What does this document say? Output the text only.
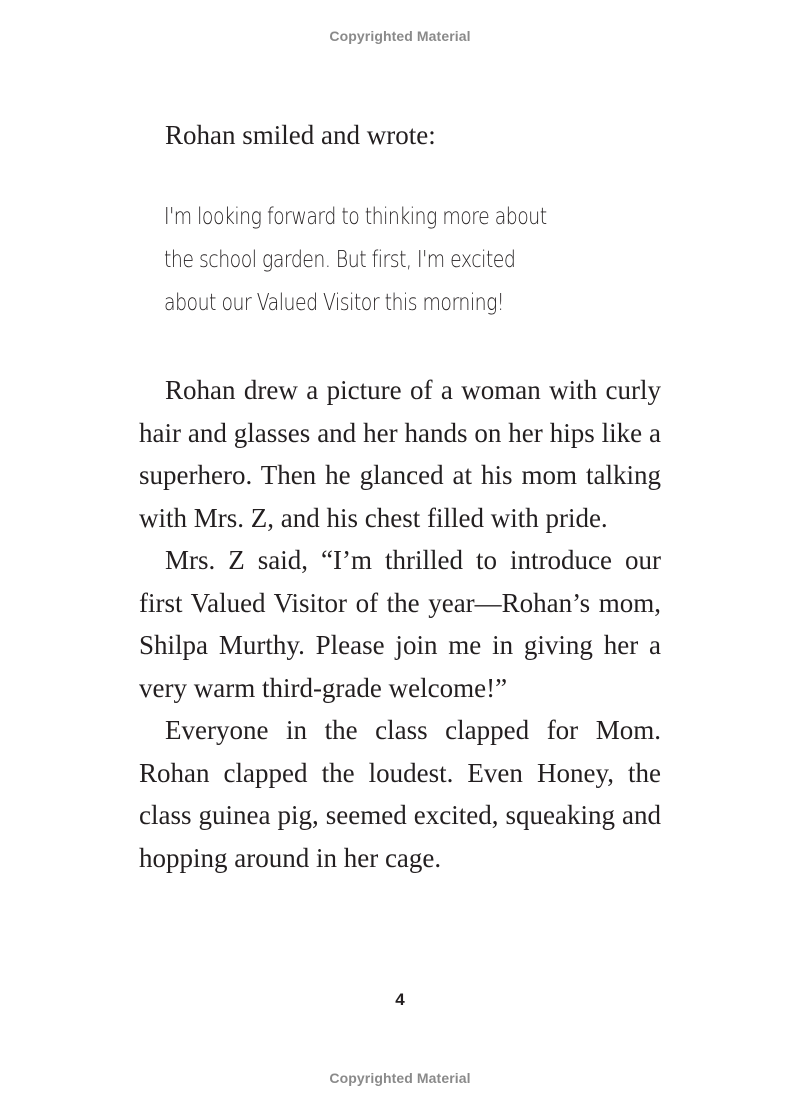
Copyrighted Material
Rohan smiled and wrote:
I'm looking forward to thinking more about
the school garden. But first, I'm excited
about our Valued Visitor this morning!

Rohan drew a picture of a woman with curly hair and glasses and her hands on her hips like a superhero. Then he glanced at his mom talking with Mrs. Z, and his chest filled with pride.

Mrs. Z said, “I’m thrilled to introduce our first Valued Visitor of the year—Rohan’s mom, Shilpa Murthy. Please join me in giving her a very warm third-grade welcome!”

Everyone in the class clapped for Mom. Rohan clapped the loudest. Even Honey, the class guinea pig, seemed excited, squeaking and hopping around in her cage.

4
Copyrighted Material
